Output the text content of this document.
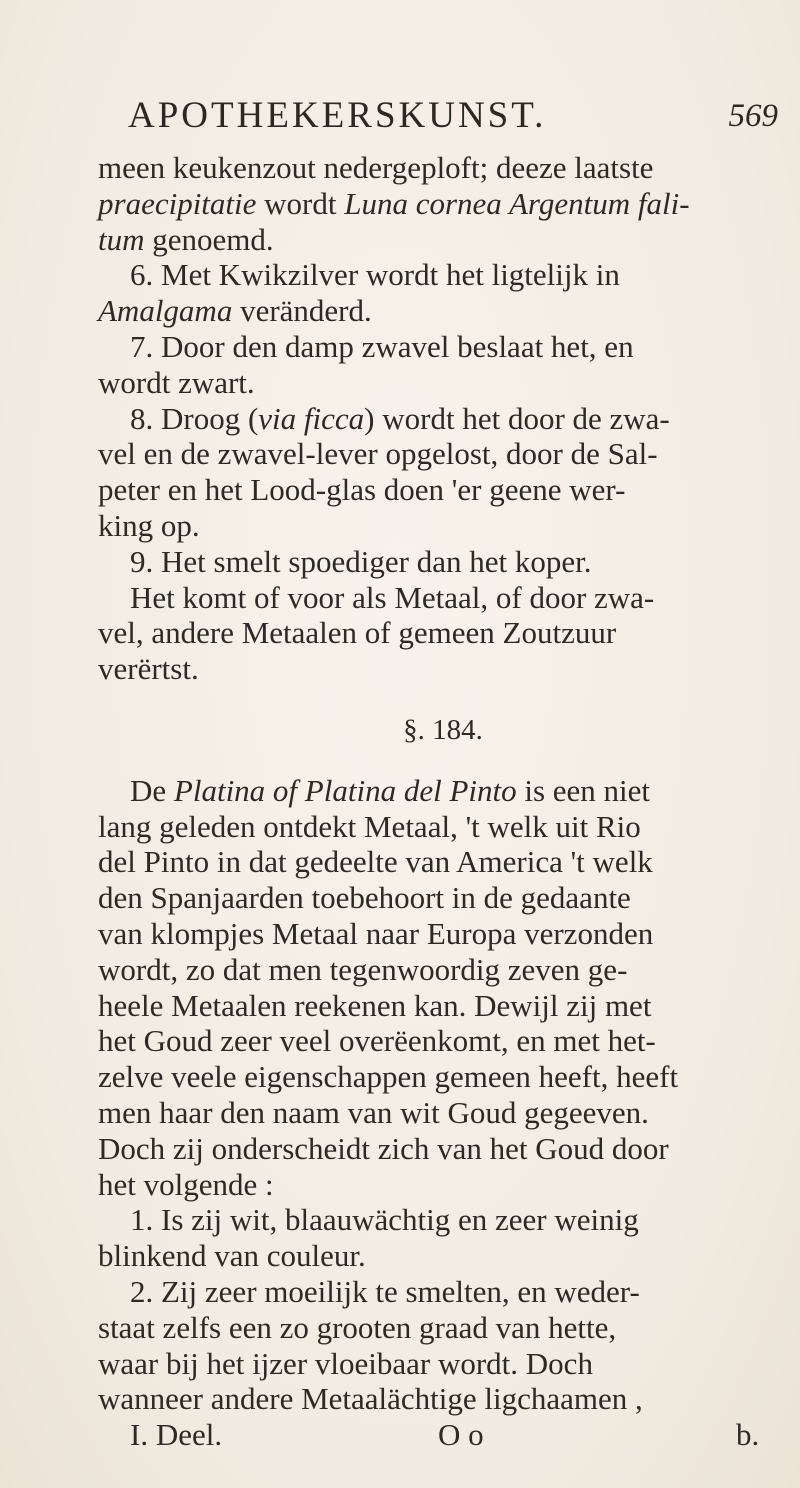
APOTHEKERSKUNST.	569
meen keukenzout nedergeploft; deeze laatste
praecipitatie wordt Luna cornea Argentum fali-
tum genoemd.
6. Met Kwikzilver wordt het ligtelijk in
Amalgama veränderd.
7. Door den damp zwavel beslaat het, en
wordt zwart.
8. Droog (via ficca) wordt het door de zwa-
vel en de zwavel-lever opgelost, door de Sal-
peter en het Lood-glas doen 'er geene wer-
king op.
9. Het smelt spoediger dan het koper.
Het komt of voor als Metaal, of door zwa-
vel, andere Metaalen of gemeen Zoutzuur
verërtst.
§. 184.
De Platina of Platina del Pinto is een niet
lang geleden ontdekt Metaal, 't welk uit Rio
del Pinto in dat gedeelte van America 't welk
den Spanjaarden toebehoort in de gedaante
van klompjes Metaal naar Europa verzonden
wordt, zo dat men tegenwoordig zeven ge-
heele Metaalen reekenen kan. Dewijl zij met
het Goud zeer veel overëenkomt, en met het-
zelve veele eigenschappen gemeen heeft, heeft
men haar den naam van wit Goud gegeeven.
Doch zij onderscheidt zich van het Goud door
het volgende :
1. Is zij wit, blaauwächtig en zeer weinig
blinkend van couleur.
2. Zij zeer moeilijk te smelten, en weder-
staat zelfs een zo grooten graad van hette,
waar bij het ijzer vloeibaar wordt. Doch
wanneer andere Metaalächtige ligchaamen ,
I. Deel.	O o	b.
